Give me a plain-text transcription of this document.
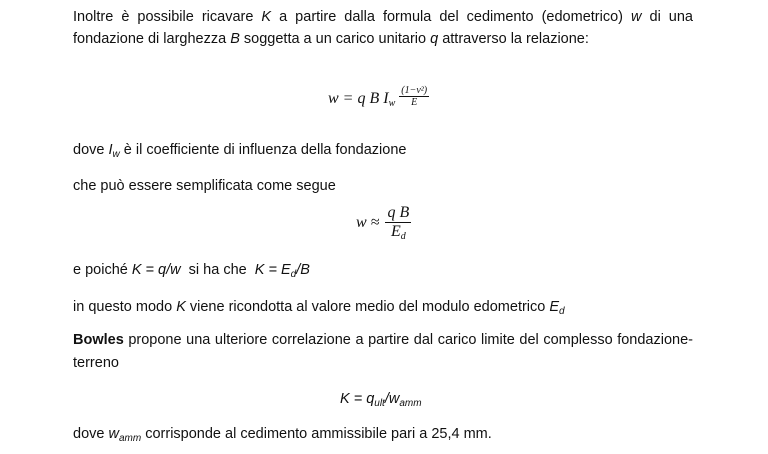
Inoltre è possibile ricavare K a partire dalla formula del cedimento (edometrico) w di una
fondazione di larghezza B soggetta a un carico unitario q attraverso la relazione:
w = q B $I_w \frac{\text{(1−ν²)}}{E}$
dove $I_w$ è il coefficiente di influenza della fondazione
che può essere semplificata come segue
$w \approx \frac{\text{q B}}{E_d}$
e poiché K = q/w  si ha che  $K = E_d/B$
in questo modo K viene ricondotta al valore medio del modulo edometrico $E_d$
Bowles propone una ulteriore correlazione a partire dal carico limite del complesso fondazione-
terreno
$K = q_{ult}/w_{amm}$
dove $w_{amm}$ corrisponde al cedimento ammissibile pari a 25,4 mm.
